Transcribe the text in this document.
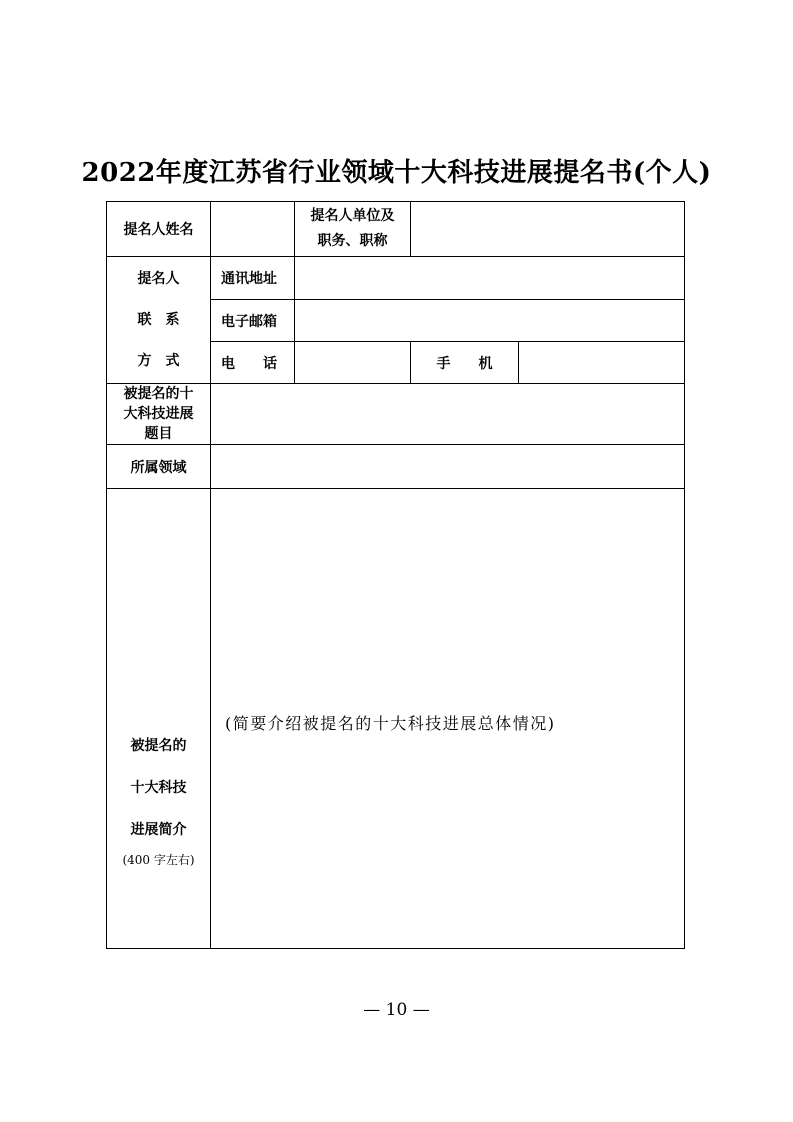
2022年度江苏省行业领域十大科技进展提名书(个人)
提名人姓名		提名人单位及
职务、职称		

提名人
联　系
方　式	通讯地址			
	电子邮箱			
	电　　话		手　　机	
被提名的十
大科技进展
题目				
所属领域				

被提名的
十大科技
进展简介
(400 字左右)	(简要介绍被提名的十大科技进展总体情况)			
— 10 —
